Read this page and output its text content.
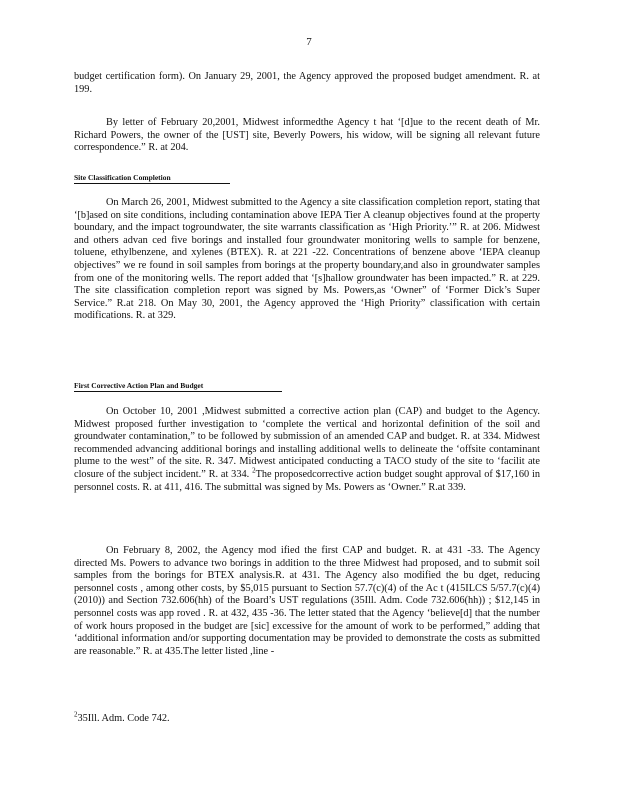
7

budget certification form). On January 29, 2001, the Agency approved the proposed budget amendment. R. at 199.

By letter of February 20,2001, Midwest informedthe Agency t hat ‘[d]ue to the recent death of Mr. Richard Powers, the owner of the [UST] site, Beverly Powers, his widow, will be signing all relevant future correspondence.” R. at 204.

Site Classification Completion

On March 26, 2001, Midwest submitted to the Agency a site classification completion report, stating that ‘[b]ased on site conditions, including contamination above IEPA Tier A cleanup objectives found at the property boundary, and the impact togroundwater, the site warrants classification as ‘High Priority.’” R. at 206. Midwest and others advan ced five borings and installed four groundwater monitoring wells to sample for benzene, toluene, ethylbenzene, and xylenes (BTEX). R. at 221 -22. Concentrations of benzene above ‘IEPA cleanup objectives” we re found in soil samples from borings at the property boundary,and also in groundwater samples from one of the monitoring wells. The report added that ‘[s]hallow groundwater has been impacted.” R. at 229. The site classification completion report was signed by Ms. Powers,as ‘Owner” of ‘Former Dick’s Super Service.” R.at 218. On May 30, 2001, the Agency approved the ‘High Priority” classification with certain modifications. R. at 329.

First Corrective Action Plan and Budget

On October 10, 2001 ,Midwest submitted a corrective action plan (CAP) and budget to the Agency. Midwest proposed further investigation to ‘complete the vertical and horizontal definition of the soil and groundwater contamination,” to be followed by submission of an amended CAP and budget. R. at 334. Midwest recommended advancing additional borings and installing additional wells to delineate the ‘offsite contaminant plume to the west” of the site. R. 347. Midwest anticipated conducting a TACO study of the site to ‘facilit ate closure of the subject incident.” R. at 334. $^2$The proposedcorrective action budget sought approval of $17,160 in personnel costs. R. at 411, 416. The submittal was signed by Ms. Powers as ‘Owner.” R.at 339.

On February 8, 2002, the Agency mod ified the first CAP and budget. R. at 431 -33. The Agency directed Ms. Powers to advance two borings in addition to the three Midwest had proposed, and to submit soil samples from the borings for BTEX analysis.R. at 431. The Agency also modified the bu dget, reducing personnel costs , among other costs, by $5,015 pursuant to Section 57.7(c)(4) of the Ac t (415ILCS 5/57.7(c)(4) (2010)) and Section 732.606(hh) of the Board’s UST regulations (35Ill. Adm. Code 732.606(hh)) ; $12,145 in personnel costs was app roved . R. at 432, 435 -36. The letter stated that the Agency ‘believe[d] that the number of work hours proposed in the budget are [sic] excessive for the amount of work to be performed,” adding that ‘additional information and/or supporting documentation may be provided to demonstrate the costs as submitted are reasonable.” R. at 435.The letter listed ,line -

$^2$35Ill. Adm. Code 742.
